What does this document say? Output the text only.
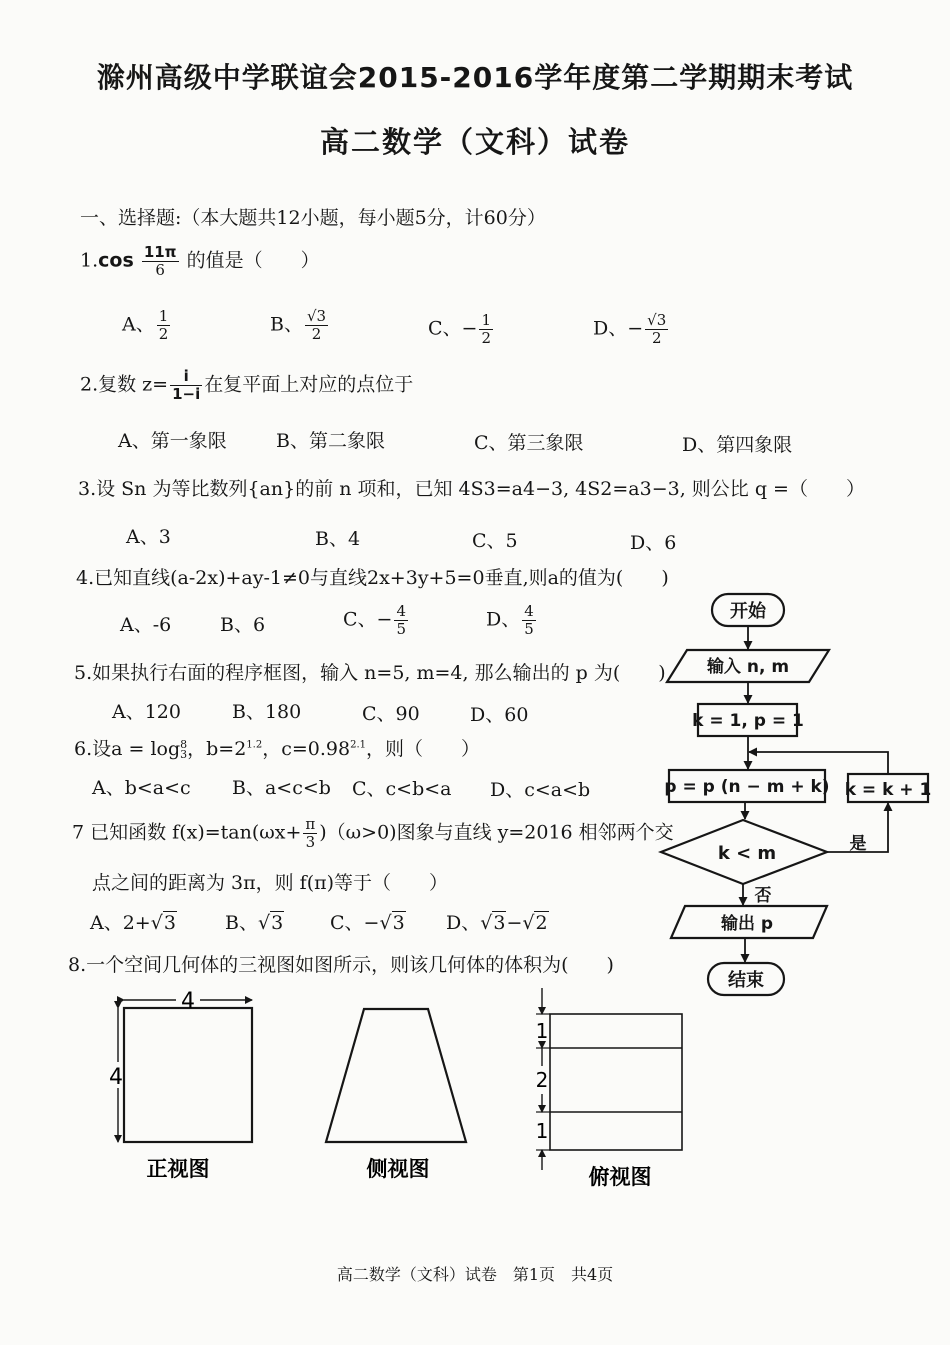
滁州高级中学联谊会2015-2016学年度第二学期期末考试
高二数学（文科）试卷
一、选择题:（本大题共12小题，每小题5分，计60分）
$1.\cos \frac{11\pi}{6}$ 的值是（　　）
A、 $\frac{1}{2}$	B、 $\frac{√3}{2}$	C、− $\frac{1}{2}$	D、− $\frac{√3}{2}$
2.复数 $z= \frac{i}{1-i}$ 在复平面上对应的点位于
A、第一象限	B、第二象限	C、第三象限	D、第四象限
3.设 Sn 为等比数列{an}的前 n 项和，已知 4S3=a4−3, 4S2=a3−3, 则公比 q =（　　）
A、3	B、4	C、5	D、6
4.已知直线(a-2x)+ay-1≠0与直线2x+3y+5=0垂直,则a的值为(　　)
A、-6	B、6	C、− $\frac{4}{5}$	D、 $\frac{4}{5}$
5.如果执行右面的程序框图，输入 n=5, m=4, 那么输出的 p 为(　　)
A、120	B、180	C、90	D、60
6.设a = log 8
3 ，$b=2^{1.2}$，$c=0.98^{2.1}$，则（　　）
A、b<a<c B、a<c<b C、c<b<a D、c<a<b
7 已知函数 $f(x)=\tan(\omega x+ \frac{\pi}{3} )(\omega>0)$图象与直线 y=2016 相邻两个交
点之间的距离为 3π，则 f(π)等于（　　）
A、2+√3	B、√3 C、−√3 D、√3−√2
8.一个空间几何体的三视图如图所示，则该几何体的体积为(　　)
4
4
1
2
1
正视图	侧视图	俯视图
开始
输入 n, m
k = 1, p = 1
p = p (n − m + k)
k < m
k = k + 1
是
否
输出 p
结束
高二数学（文科）试卷　第1页　共4页
